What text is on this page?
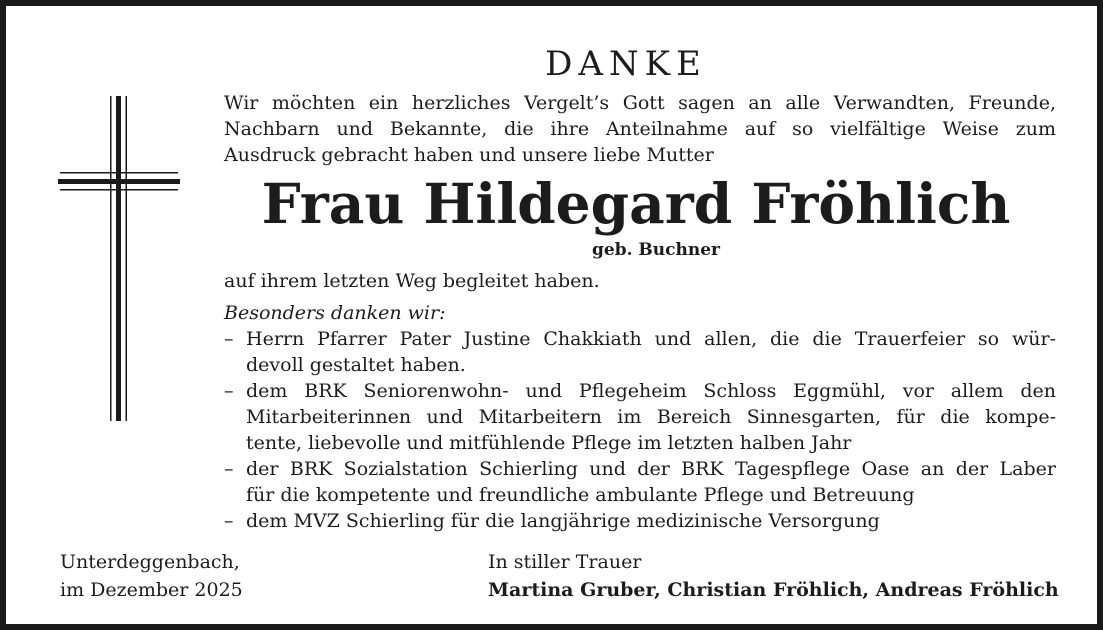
DANKE
Wir möchten ein herzliches Vergelt’s Gott sagen an alle Verwandten, Freunde,
Nachbarn und Bekannte, die ihre Anteilnahme auf so vielfältige Weise zum
Ausdruck gebracht haben und unsere liebe Mutter
Frau Hildegard Fröhlich
geb. Buchner
auf ihrem letzten Weg begleitet haben.
Besonders danken wir:
– Herrn Pfarrer Pater Justine Chakkiath und allen, die die Trauerfeier so wür-
devoll gestaltet haben.
– dem BRK Seniorenwohn- und Pflegeheim Schloss Eggmühl, vor allem den
Mitarbeiterinnen und Mitarbeitern im Bereich Sinnesgarten, für die kompe-
tente, liebevolle und mitfühlende Pflege im letzten halben Jahr
– der BRK Sozialstation Schierling und der BRK Tagespflege Oase an der Laber
für die kompetente und freundliche ambulante Pflege und Betreuung
– dem MVZ Schierling für die langjährige medizinische Versorgung
Unterdeggenbach,
im Dezember 2025
In stiller Trauer
Martina Gruber, Christian Fröhlich, Andreas Fröhlich
